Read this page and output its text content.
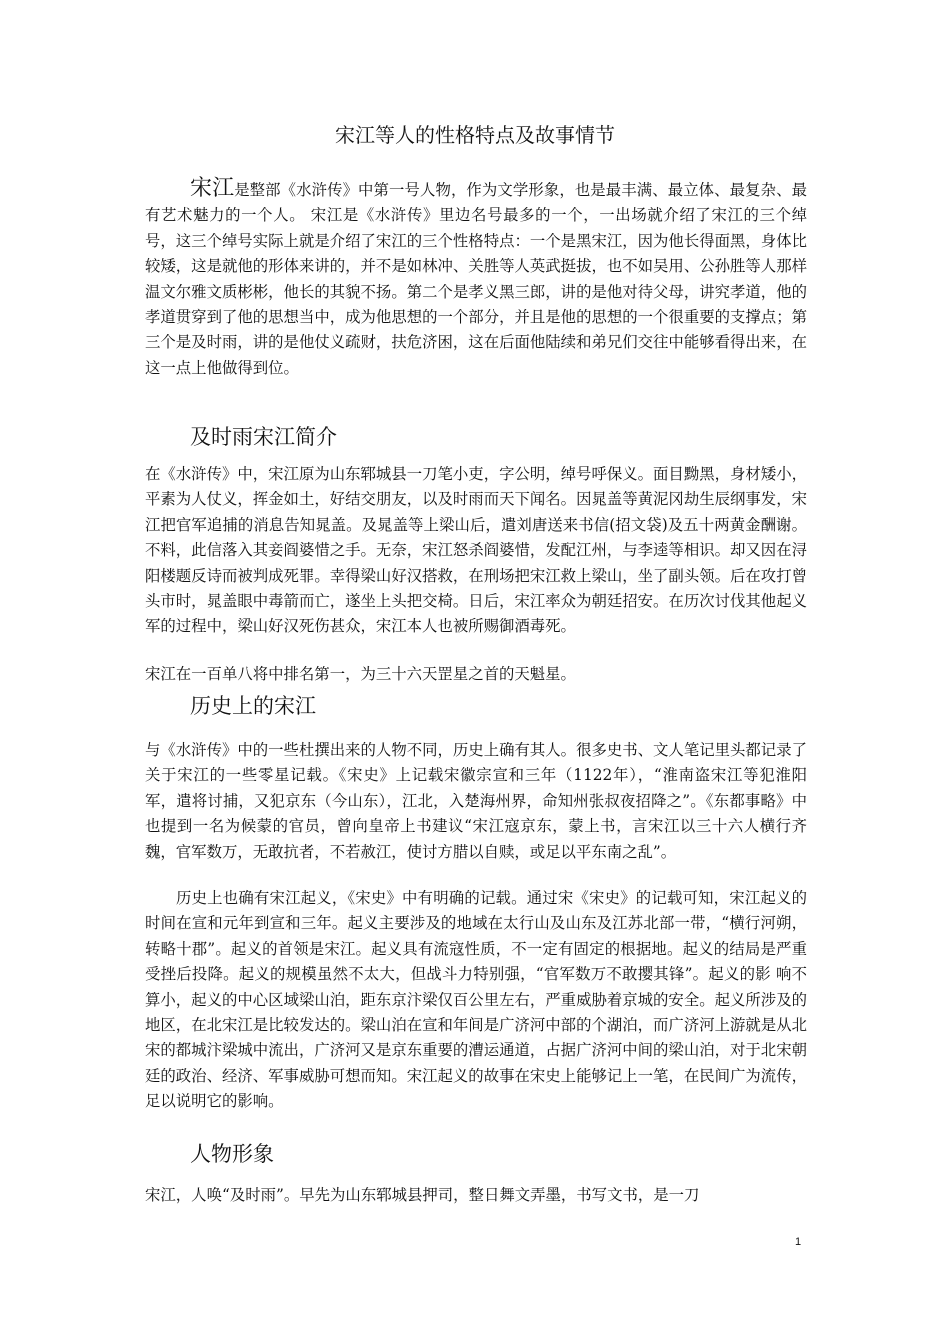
宋江等人的性格特点及故事情节

宋江是整部《水浒传》中第一号人物，作为文学形象，也是最丰满、最立体、最复杂、最有艺术魅力的一个人。 宋江是《水浒传》里边名号最多的一个，一出场就介绍了宋江的三个绰号，这三个绰号实际上就是介绍了宋江的三个性格特点：一个是黑宋江，因为他长得面黑，身体比较矮，这是就他的形体来讲的，并不是如林冲、关胜等人英武挺拔，也不如吴用、公孙胜等人那样温文尔雅文质彬彬，他长的其貌不扬。第二个是孝义黑三郎，讲的是他对待父母，讲究孝道，他的孝道贯穿到了他的思想当中，成为他思想的一个部分，并且是他的思想的一个很重要的支撑点；第三个是及时雨，讲的是他仗义疏财，扶危济困，这在后面他陆续和弟兄们交往中能够看得出来，在这一点上他做得到位。

及时雨宋江简介

在《水浒传》中，宋江原为山东郓城县一刀笔小吏，字公明，绰号呼保义。面目黝黑，身材矮小，平素为人仗义，挥金如土，好结交朋友，以及时雨而天下闻名。因晁盖等黄泥冈劫生辰纲事发，宋江把官军追捕的消息告知晁盖。及晁盖等上梁山后，遣刘唐送来书信(招文袋)及五十两黄金酬谢。不料，此信落入其妾阎婆惜之手。无奈，宋江怒杀阎婆惜，发配江州，与李逵等相识。却又因在浔阳楼题反诗而被判成死罪。幸得梁山好汉搭救，在刑场把宋江救上梁山，坐了副头领。后在攻打曾头市时，晁盖眼中毒箭而亡，遂坐上头把交椅。日后，宋江率众为朝廷招安。在历次讨伐其他起义军的过程中，梁山好汉死伤甚众，宋江本人也被所赐御酒毒死。

宋江在一百单八将中排名第一，为三十六天罡星之首的天魁星。

历史上的宋江

与《水浒传》中的一些杜撰出来的人物不同，历史上确有其人。很多史书、文人笔记里头都记录了关于宋江的一些零星记载。《宋史》上记载宋徽宗宣和三年（1122年），“淮南盗宋江等犯淮阳军，遣将讨捕，又犯京东（今山东），江北，入楚海州界，命知州张叔夜招降之”。《东都事略》中也提到一名为候蒙的官员，曾向皇帝上书建议“宋江寇京东，蒙上书，言宋江以三十六人横行齐魏，官军数万，无敢抗者，不若赦江，使讨方腊以自赎，或足以平东南之乱”。

历史上也确有宋江起义，《宋史》中有明确的记载。通过宋《宋史》的记载可知，宋江起义的时间在宣和元年到宣和三年。起义主要涉及的地域在太行山及山东及江苏北部一带，“横行河朔，转略十郡”。起义的首领是宋江。起义具有流寇性质，不一定有固定的根据地。起义的结局是严重受挫后投降。起义的规模虽然不太大，但战斗力特别强，“官军数万不敢撄其锋”。起义的影 响不算小，起义的中心区域梁山泊，距东京汴梁仅百公里左右，严重威胁着京城的安全。起义所涉及的地区，在北宋江是比较发达的。梁山泊在宣和年间是广济河中部的个湖泊，而广济河上游就是从北宋的都城汴梁城中流出，广济河又是京东重要的漕运通道，占据广济河中间的梁山泊，对于北宋朝廷的政治、经济、军事威胁可想而知。宋江起义的故事在宋史上能够记上一笔，在民间广为流传，足以说明它的影响。

人物形象

宋江，人唤“及时雨”。早先为山东郓城县押司，整日舞文弄墨，书写文书，是一刀

1
